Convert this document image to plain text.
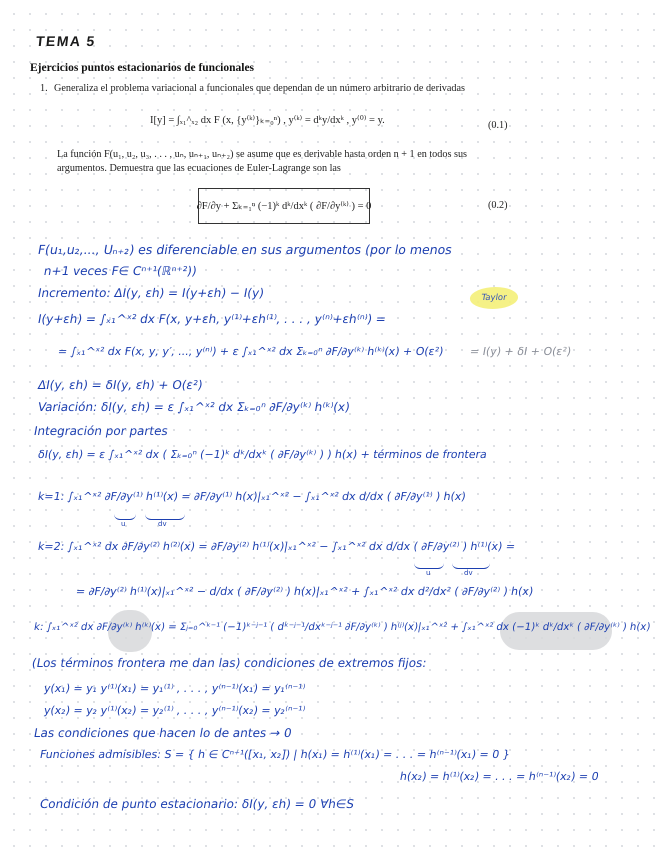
TEMA 5
Ejercicios puntos estacionarios de funcionales
1. Generaliza el problema variacional a funcionales que dependan de un número arbitrario de derivadas
I[y] = ∫ₓ₁^ₓ₂ dx F (x, {y⁽ᵏ⁾}ₖ₌₀ⁿ) , y⁽ᵏ⁾ = dᵏy/dxᵏ , y⁽⁰⁾ = y.	(0.1)
La función F(u₁, u₂, u₃, . . . , uₙ, uₙ₊₁, uₙ₊₂) se asume que es derivable hasta orden n + 1 en todos sus argumentos. Demuestra que las ecuaciones de Euler-Lagrange son las
∂F/∂y + Σₖ₌₁ⁿ (−1)ᵏ dᵏ/dxᵏ ( ∂F/∂y⁽ᵏ⁾ ) = 0	(0.2)
F(u₁,u₂,..., Uₙ₊₂) es diferenciable en sus argumentos (por lo menos
n+1 veces F∈ Cⁿ⁺¹(ℝⁿ⁺²))
Incremento: ΔI(y, εh) = I(y+εh) − I(y)	Taylor
I(y+εh) = ∫ₓ₁^ˣ² dx F(x, y+εh, y⁽¹⁾+εh⁽¹⁾, . . . , y⁽ⁿ⁾+εh⁽ⁿ⁾) =
= ∫ₓ₁^ˣ² dx F(x, y, y′, ..., y⁽ⁿ⁾) + ε ∫ₓ₁^ˣ² dx Σₖ₌₀ⁿ ∂F/∂y⁽ᵏ⁾ h⁽ᵏ⁾(x) + O(ε²) = I(y) + δI + O(ε²)
ΔI(y, εh) = δI(y, εh) + O(ε²)
Variación: δI(y, εh) = ε ∫ₓ₁^ˣ² dx Σₖ₌₀ⁿ ∂F/∂y⁽ᵏ⁾ h⁽ᵏ⁾(x)
Integración por partes
δI(y, εh) = ε ∫ₓ₁^ˣ² dx ( Σₖ₌₀ⁿ (−1)ᵏ dᵏ/dxᵏ ( ∂F/∂y⁽ᵏ⁾ ) ) h(x) + términos de frontera
k=1: ∫ₓ₁^ˣ² ∂F/∂y⁽¹⁾ h⁽¹⁾(x) = ∂F/∂y⁽¹⁾ h(x)|ₓ₁^ˣ² − ∫ₓ₁^ˣ² dx d/dx ( ∂F/∂y⁽¹⁾ ) h(x)
u	dv
k=2: ∫ₓ₁^ˣ² dx ∂F/∂y⁽²⁾ h⁽²⁾(x) = ∂F/∂y⁽²⁾ h⁽¹⁾(x)|ₓ₁^ˣ² − ∫ₓ₁^ˣ² dx d/dx ( ∂F/∂y⁽²⁾ ) h⁽¹⁾(x) =
u	dv
= ∂F/∂y⁽²⁾ h⁽¹⁾(x)|ₓ₁^ˣ² − d/dx ( ∂F/∂y⁽²⁾ ) h(x)|ₓ₁^ˣ² + ∫ₓ₁^ˣ² dx d²/dx² ( ∂F/∂y⁽²⁾ ) h(x)
k: ∫ₓ₁^ˣ² dx ∂F/∂y⁽ᵏ⁾ h⁽ᵏ⁾(x) = Σⱼ₌₀^ᵏ⁻¹ (−1)ᵏ⁻ʲ⁻¹ ( dᵏ⁻ʲ⁻¹/dxᵏ⁻ʲ⁻¹ ∂F/∂y⁽ᵏ⁾ ) h⁽ʲ⁾(x)|ₓ₁^ˣ² + ∫ₓ₁^ˣ² dx (−1)ᵏ dᵏ/dxᵏ ( ∂F/∂y⁽ᵏ⁾ ) h(x)
(Los términos frontera me dan las) condiciones de extremos fijos:
y(x₁) = y₁ y⁽¹⁾(x₁) = y₁⁽¹⁾ , . . . , y⁽ⁿ⁻¹⁾(x₁) = y₁⁽ⁿ⁻¹⁾
y(x₂) = y₂ y⁽¹⁾(x₂) = y₂⁽¹⁾ , . . . , y⁽ⁿ⁻¹⁾(x₂) = y₂⁽ⁿ⁻¹⁾
Las condiciones que hacen lo de antes → 0
Funciones admisibles: S = { h ∈ Cⁿ⁺¹([x₁, x₂]) | h(x₁) = h⁽¹⁾(x₁) = . . . = h⁽ⁿ⁻¹⁾(x₁) = 0 }
h(x₂) = h⁽¹⁾(x₂) = . . . = h⁽ⁿ⁻¹⁾(x₂) = 0
Condición de punto estacionario: δI(y, εh) = 0 ∀h∈S
